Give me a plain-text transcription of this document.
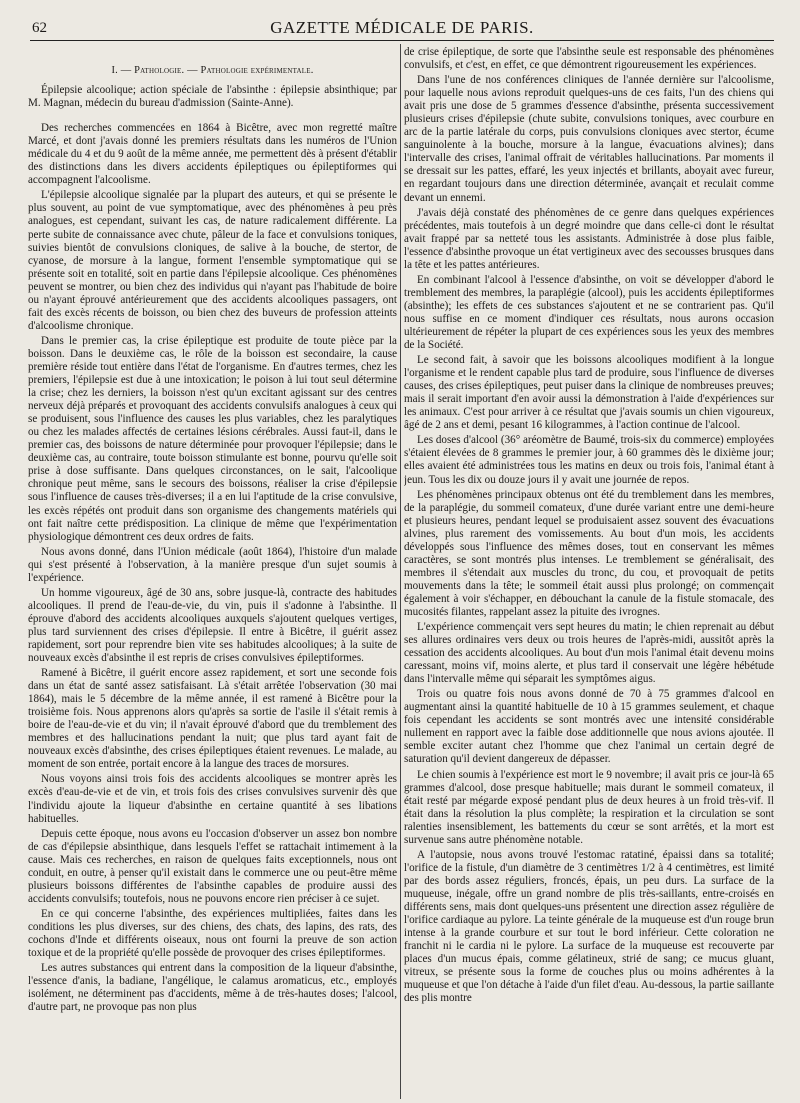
62	GAZETTE MÉDICALE DE PARIS.
I. — Pathologie. — Pathologie expérimentale.

Épilepsie alcoolique; action spéciale de l'absinthe : épilepsie absinthique; par M. Magnan, médecin du bureau d'admission (Sainte-Anne).

Des recherches commencées en 1864 à Bicêtre, avec mon regretté maître Marcé, et dont j'avais donné les premiers résultats dans les numéros de l'Union médicale du 4 et du 9 août de la même année, me permettent dès à présent d'établir des distinctions dans les divers accidents épileptiques ou épileptiformes qui accompagnent l'alcoolisme.

L'épilepsie alcoolique signalée par la plupart des auteurs, et qui se présente le plus souvent, au point de vue symptomatique, avec des phénomènes à peu près analogues, est cependant, suivant les cas, de nature radicalement différente. La perte subite de connaissance avec chute, pâleur de la face et convulsions toniques, suivies bientôt de convulsions cloniques, de salive à la bouche, de stertor, de cyanose, de morsure à la langue, forment l'ensemble symptomatique qui se présente soit en totalité, soit en partie dans l'épilepsie alcoolique. Ces phénomènes peuvent se montrer, ou bien chez des individus qui n'ayant pas l'habitude de boire ou n'ayant éprouvé antérieurement que des accidents alcooliques passagers, ont fait des excès récents de boisson, ou bien chez des buveurs de profession atteints d'alcoolisme chronique.

Dans le premier cas, la crise épileptique est produite de toute pièce par la boisson. Dans le deuxième cas, le rôle de la boisson est secondaire, la cause première réside tout entière dans l'état de l'organisme. En d'autres termes, chez les premiers, l'épilepsie est due à une intoxication; le poison à lui tout seul détermine la crise; chez les derniers, la boisson n'est qu'un excitant agissant sur des centres nerveux déjà préparés et provoquant des accidents convulsifs analogues à ceux qui se produisent, sous l'influence des causes les plus variables, chez les paralytiques ou chez les malades affectés de certaines lésions cérébrales. Aussi faut-il, dans le premier cas, des boissons de nature déterminée pour provoquer l'épilepsie; dans le deuxième cas, au contraire, toute boisson stimulante est bonne, pourvu qu'elle soit prise à dose suffisante. Dans quelques circonstances, on le sait, l'alcoolique chronique peut même, sans le secours des boissons, réaliser la crise d'épilepsie sous l'influence de causes très-diverses; il a en lui l'aptitude de la crise convulsive, les excès répétés ont produit dans son organisme des changements matériels qui ont fait naître cette prédisposition. La clinique de même que l'expérimentation physiologique démontrent ces deux ordres de faits.

Nous avons donné, dans l'Union médicale (août 1864), l'histoire d'un malade qui s'est présenté à l'observation, à la manière presque d'un sujet soumis à l'expérience.

Un homme vigoureux, âgé de 30 ans, sobre jusque-là, contracte des habitudes alcooliques. Il prend de l'eau-de-vie, du vin, puis il s'adonne à l'absinthe. Il éprouve d'abord des accidents alcooliques auxquels s'ajoutent quelques vertiges, plus tard surviennent des crises d'épilepsie. Il entre à Bicêtre, il guérit assez rapidement, sort pour reprendre bien vite ses habitudes alcooliques; à la suite de nouveaux excès d'absinthe il est repris de crises convulsives épileptiformes.

Ramené à Bicêtre, il guérit encore assez rapidement, et sort une seconde fois dans un état de santé assez satisfaisant. Là s'était arrêtée l'observation (30 mai 1864), mais le 5 décembre de la même année, il est ramené à Bicêtre pour la troisième fois. Nous apprenons alors qu'après sa sortie de l'asile il s'était remis à boire de l'eau-de-vie et du vin; il n'avait éprouvé d'abord que du tremblement des membres et des hallucinations pendant la nuit; que plus tard ayant fait de nouveaux excès d'absinthe, des crises épileptiques étaient revenues. Le malade, au moment de son entrée, portait encore à la langue des traces de morsures.

Nous voyons ainsi trois fois des accidents alcooliques se montrer après les excès d'eau-de-vie et de vin, et trois fois des crises convulsives survenir dès que l'individu ajoute la liqueur d'absinthe en certaine quantité à ses libations habituelles.

Depuis cette époque, nous avons eu l'occasion d'observer un assez bon nombre de cas d'épilepsie absinthique, dans lesquels l'effet se rattachait intimement à la cause. Mais ces recherches, en raison de quelques faits exceptionnels, nous ont conduit, en outre, à penser qu'il existait dans le commerce une ou peut-être même plusieurs boissons différentes de l'absinthe capables de produire aussi des accidents convulsifs; toutefois, nous ne pouvons encore rien préciser à ce sujet.

En ce qui concerne l'absinthe, des expériences multipliées, faites dans les conditions les plus diverses, sur des chiens, des chats, des lapins, des rats, des cochons d'Inde et différents oiseaux, nous ont fourni la preuve de son action toxique et de la propriété qu'elle possède de provoquer des crises épileptiformes.

Les autres substances qui entrent dans la composition de la liqueur d'absinthe, l'essence d'anis, la badiane, l'angélique, le calamus aromaticus, etc., employés isolément, ne déterminent pas d'accidents, même à de très-hautes doses; l'alcool, d'autre part, ne provoque pas non plus

de crise épileptique, de sorte que l'absinthe seule est responsable des phénomènes convulsifs, et c'est, en effet, ce que démontrent rigoureusement les expériences.

Dans l'une de nos conférences cliniques de l'année dernière sur l'alcoolisme, pour laquelle nous avions reproduit quelques-uns de ces faits, l'un des chiens qui avait pris une dose de 5 grammes d'essence d'absinthe, présenta successivement plusieurs crises d'épilepsie (chute subite, convulsions toniques, avec courbure en arc de la partie latérale du corps, puis convulsions cloniques avec stertor, écume sanguinolente à la bouche, morsure à la langue, évacuations alvines); dans l'intervalle des crises, l'animal offrait de véritables hallucinations. Par moments il se dressait sur les pattes, effaré, les yeux injectés et brillants, aboyait avec fureur, en regardant toujours dans une direction déterminée, avançait et reculait comme devant un ennemi.

J'avais déjà constaté des phénomènes de ce genre dans quelques expériences précédentes, mais toutefois à un degré moindre que dans celle-ci dont le résultat avait frappé par sa netteté tous les assistants. Administrée à dose plus faible, l'essence d'absinthe provoque un état vertigineux avec des secousses brusques dans la tête et les pattes antérieures.

En combinant l'alcool à l'essence d'absinthe, on voit se développer d'abord le tremblement des membres, la paraplégie (alcool), puis les accidents épileptiformes (absinthe); les effets de ces substances s'ajoutent et ne se contrarient pas. Qu'il nous suffise en ce moment d'indiquer ces résultats, nous aurons occasion ultérieurement de répéter la plupart de ces expériences sous les yeux des membres de la Société.

Le second fait, à savoir que les boissons alcooliques modifient à la longue l'organisme et le rendent capable plus tard de produire, sous l'influence de diverses causes, des crises épileptiques, peut puiser dans la clinique de nombreuses preuves; mais il serait important d'en avoir aussi la démonstration à l'aide d'expériences sur les animaux. C'est pour arriver à ce résultat que j'avais soumis un chien vigoureux, âgé de 2 ans et demi, pesant 16 kilogrammes, à l'action continue de l'alcool.

Les doses d'alcool (36° aréomètre de Baumé, trois-six du commerce) employées s'étaient élevées de 8 grammes le premier jour, à 60 grammes dès le dixième jour; elles avaient été administrées tous les matins en deux ou trois fois, l'animal étant à jeun. Tous les dix ou douze jours il y avait une journée de repos.

Les phénomènes principaux obtenus ont été du tremblement dans les membres, de la paraplégie, du sommeil comateux, d'une durée variant entre une demi-heure et plusieurs heures, pendant lequel se produisaient assez souvent des évacuations alvines, plus rarement des vomissements. Au bout d'un mois, les accidents développés sous l'influence des mêmes doses, tout en conservant les mêmes caractères, se sont montrés plus intenses. Le tremblement se généralisait, des membres il s'étendait aux muscles du tronc, du cou, et provoquait de petits mouvements dans la tête; le sommeil était aussi plus prolongé; on commençait également à voir s'échapper, en débouchant la canule de la fistule stomacale, des mucosités filantes, rappelant assez la pituite des ivrognes.

L'expérience commençait vers sept heures du matin; le chien reprenait au début ses allures ordinaires vers deux ou trois heures de l'après-midi, aussitôt après la cessation des accidents alcooliques. Au bout d'un mois l'animal était devenu moins caressant, moins vif, moins alerte, et plus tard il conservait une légère hébétude dans l'intervalle même qui séparait les symptômes aigus.

Trois ou quatre fois nous avons donné de 70 à 75 grammes d'alcool en augmentant ainsi la quantité habituelle de 10 à 15 grammes seulement, et chaque fois cependant les accidents se sont montrés avec une intensité considérable nullement en rapport avec la faible dose additionnelle que nous avions ajoutée. Il semble exciter autant chez l'homme que chez l'animal un certain degré de saturation qu'il devient dangereux de dépasser.

Le chien soumis à l'expérience est mort le 9 novembre; il avait pris ce jour-là 65 grammes d'alcool, dose presque habituelle; mais durant le sommeil comateux, il était resté par mégarde exposé pendant plus de deux heures à un froid très-vif. Il était dans la résolution la plus complète; la respiration et la circulation se sont ralenties insensiblement, les battements du cœur se sont arrêtés, et la mort est survenue sans autre phénomène notable.

A l'autopsie, nous avons trouvé l'estomac ratatiné, épaissi dans sa totalité; l'orifice de la fistule, d'un diamètre de 3 centimètres 1/2 à 4 centimètres, est limité par des bords assez réguliers, froncés, épais, un peu durs. La surface de la muqueuse, inégale, offre un grand nombre de plis très-saillants, entre-croisés en différents sens, mais dont quelques-uns présentent une direction assez régulière de l'orifice cardiaque au pylore. La teinte générale de la muqueuse est d'un rouge brun intense à la grande courbure et sur tout le bord inférieur. Cette coloration ne franchit ni le cardia ni le pylore. La surface de la muqueuse est recouverte par places d'un mucus épais, comme gélatineux, strié de sang; ce mucus gluant, vitreux, se présente sous la forme de couches plus ou moins adhérentes à la muqueuse et que l'on détache à l'aide d'un filet d'eau. Au-dessous, la partie saillante des plis montre
